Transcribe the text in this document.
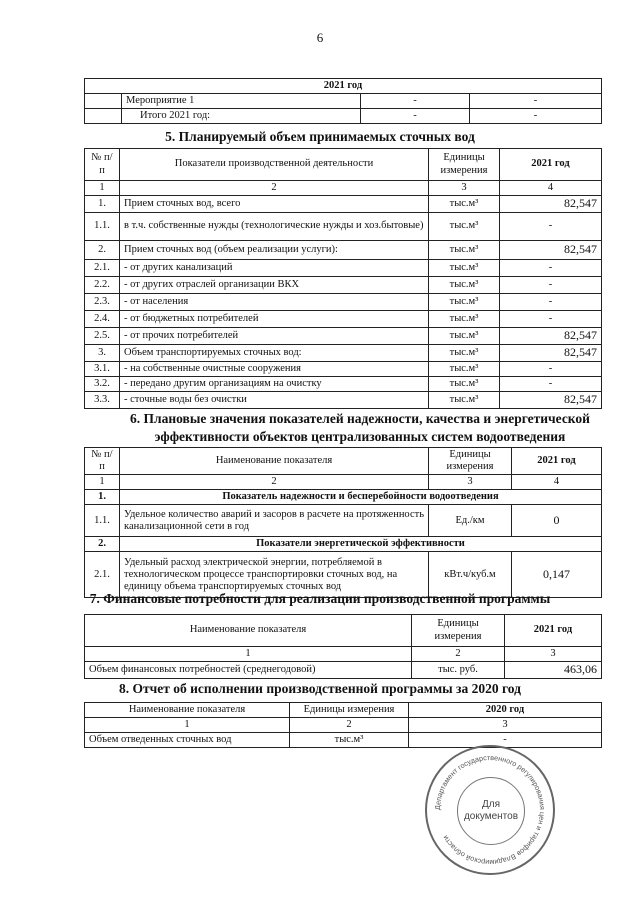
6
2021 год			
	Мероприятие 1	-	-
	Итого 2021 год:	-	-
5. Планируемый объем принимаемых сточных вод
№ п/п	Показатели производственной деятельности	Единицы измерения	2021 год
1	2	3	4
1.	Прием сточных вод, всего	тыс.м³	82,547
1.1.	в т.ч. собственные нужды (технологические нужды и хоз.бытовые)	тыс.м³	-
2.	Прием сточных вод (объем реализации услуги):	тыс.м³	82,547
2.1.	- от других канализаций	тыс.м³	-
2.2.	- от других отраслей организации ВКХ	тыс.м³	-
2.3.	- от населения	тыс.м³	-
2.4.	- от бюджетных потребителей	тыс.м³	-
2.5.	- от прочих потребителей	тыс.м³	82,547
3.	Объем транспортируемых сточных вод:	тыс.м³	82,547
3.1.	- на собственные очистные сооружения	тыс.м³	-
3.2.	- передано другим организациям на очистку	тыс.м³	-
3.3.	- сточные воды без очистки	тыс.м³	82,547
6. Плановые значения показателей надежности, качества и энергетической
эффективности объектов централизованных систем водоотведения
№ п/п	Наименование показателя	Единицы измерения	2021 год
1	2	3	4
1.	Показатель надежности и бесперебойности водоотведения		
1.1.	Удельное количество аварий и засоров в расчете на протяженность канализационной сети в год	Ед./км	0
2.	Показатели энергетической эффективности		
2.1.	Удельный расход электрической энергии, потребляемой в технологическом процессе транспортировки сточных вод, на единицу объема транспортируемых сточных вод	кВт.ч/куб.м	0,147
7. Финансовые потребности для реализации производственной программы
Наименование показателя	Единицы измерения	2021 год
1	2	3
Объем финансовых потребностей (среднегодовой)	тыс. руб.	463,06
8. Отчет об исполнении производственной программы за 2020 год
Наименование показателя	Единицы измерения	2020 год
1	2	3
Объем отведенных сточных вод	тыс.м³	-
Департамент государственного регулирования цен и тарифов Владимирской области
Для
документов
